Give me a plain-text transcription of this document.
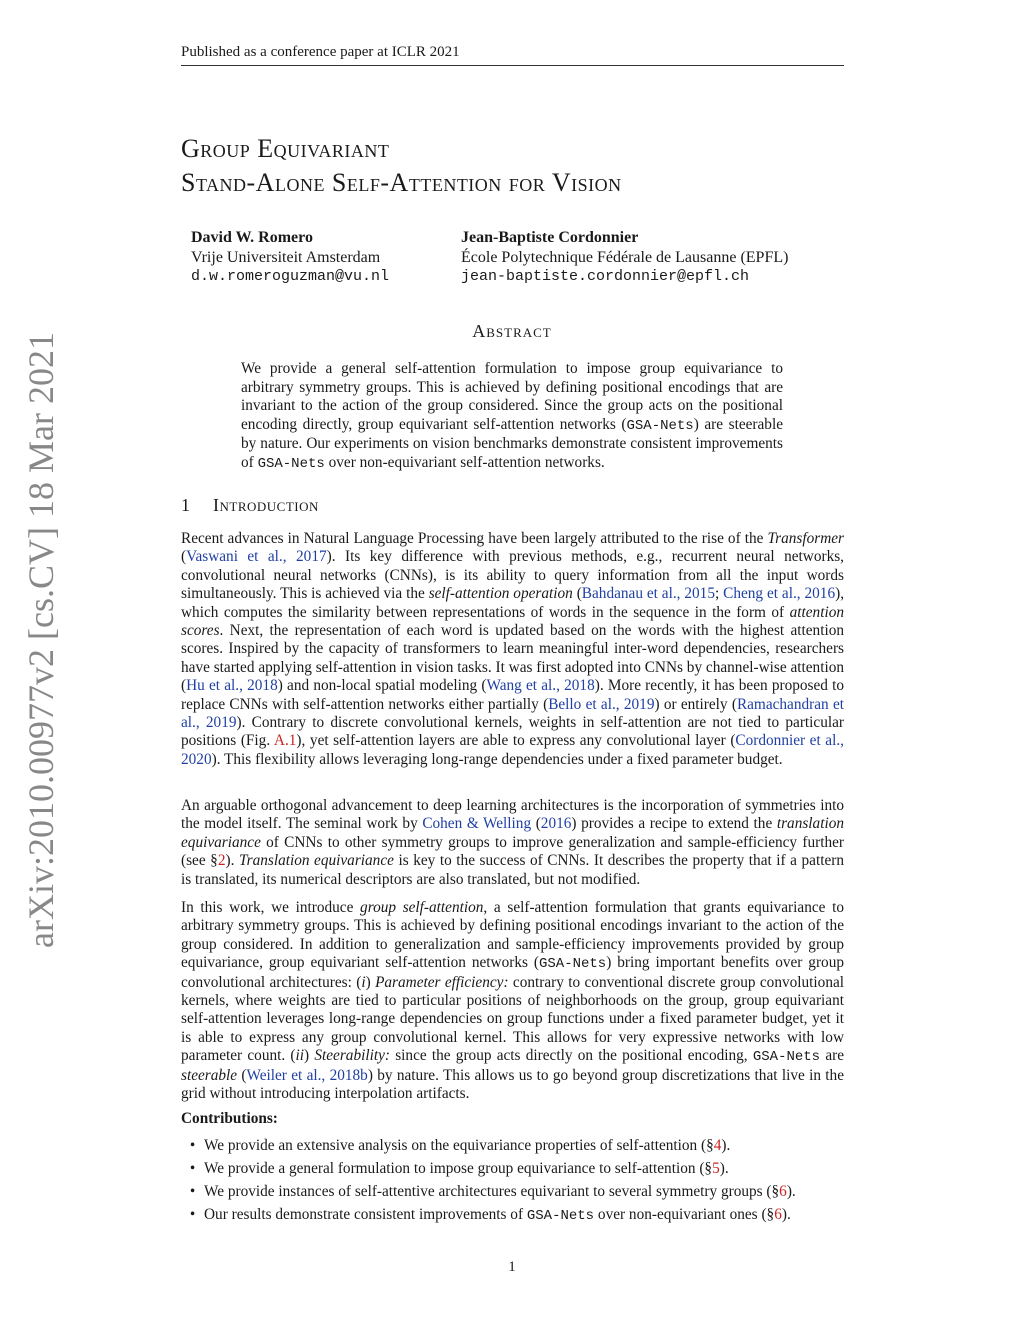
Published as a conference paper at ICLR 2021
Group Equivariant
Stand-Alone Self-Attention for Vision
David W. Romero
Vrije Universiteit Amsterdam
d.w.romeroguzman@vu.nl
Jean-Baptiste Cordonnier
École Polytechnique Fédérale de Lausanne (EPFL)
jean-baptiste.cordonnier@epfl.ch
Abstract
We provide a general self-attention formulation to impose group equivariance to arbitrary symmetry groups. This is achieved by defining positional encodings that are invariant to the action of the group considered. Since the group acts on the positional encoding directly, group equivariant self-attention networks (GSA-Nets) are steerable by nature. Our experiments on vision benchmarks demonstrate consistent improvements of GSA-Nets over non-equivariant self-attention networks.
1 Introduction
Recent advances in Natural Language Processing have been largely attributed to the rise of the Transformer (Vaswani et al., 2017). Its key difference with previous methods, e.g., recurrent neural networks, convolutional neural networks (CNNs), is its ability to query information from all the input words simultaneously. This is achieved via the self-attention operation (Bahdanau et al., 2015; Cheng et al., 2016), which computes the similarity between representations of words in the sequence in the form of attention scores. Next, the representation of each word is updated based on the words with the highest attention scores. Inspired by the capacity of transformers to learn meaningful inter-word dependencies, researchers have started applying self-attention in vision tasks. It was first adopted into CNNs by channel-wise attention (Hu et al., 2018) and non-local spatial modeling (Wang et al., 2018). More recently, it has been proposed to replace CNNs with self-attention networks either partially (Bello et al., 2019) or entirely (Ramachandran et al., 2019). Contrary to discrete convolutional kernels, weights in self-attention are not tied to particular positions (Fig. A.1), yet self-attention layers are able to express any convolutional layer (Cordonnier et al., 2020). This flexibility allows leveraging long-range dependencies under a fixed parameter budget.
An arguable orthogonal advancement to deep learning architectures is the incorporation of symmetries into the model itself. The seminal work by Cohen & Welling (2016) provides a recipe to extend the translation equivariance of CNNs to other symmetry groups to improve generalization and sample-efficiency further (see §2). Translation equivariance is key to the success of CNNs. It describes the property that if a pattern is translated, its numerical descriptors are also translated, but not modified.
In this work, we introduce group self-attention, a self-attention formulation that grants equivariance to arbitrary symmetry groups. This is achieved by defining positional encodings invariant to the action of the group considered. In addition to generalization and sample-efficiency improvements provided by group equivariance, group equivariant self-attention networks (GSA-Nets) bring important benefits over group convolutional architectures: (i) Parameter efficiency: contrary to conventional discrete group convolutional kernels, where weights are tied to particular positions of neighborhoods on the group, group equivariant self-attention leverages long-range dependencies on group functions under a fixed parameter budget, yet it is able to express any group convolutional kernel. This allows for very expressive networks with low parameter count. (ii) Steerability: since the group acts directly on the positional encoding, GSA-Nets are steerable (Weiler et al., 2018b) by nature. This allows us to go beyond group discretizations that live in the grid without introducing interpolation artifacts.
Contributions:
• We provide an extensive analysis on the equivariance properties of self-attention (§4).
• We provide a general formulation to impose group equivariance to self-attention (§5).
• We provide instances of self-attentive architectures equivariant to several symmetry groups (§6).
• Our results demonstrate consistent improvements of GSA-Nets over non-equivariant ones (§6).
1
arXiv:2010.00977v2 [cs.CV] 18 Mar 2021
